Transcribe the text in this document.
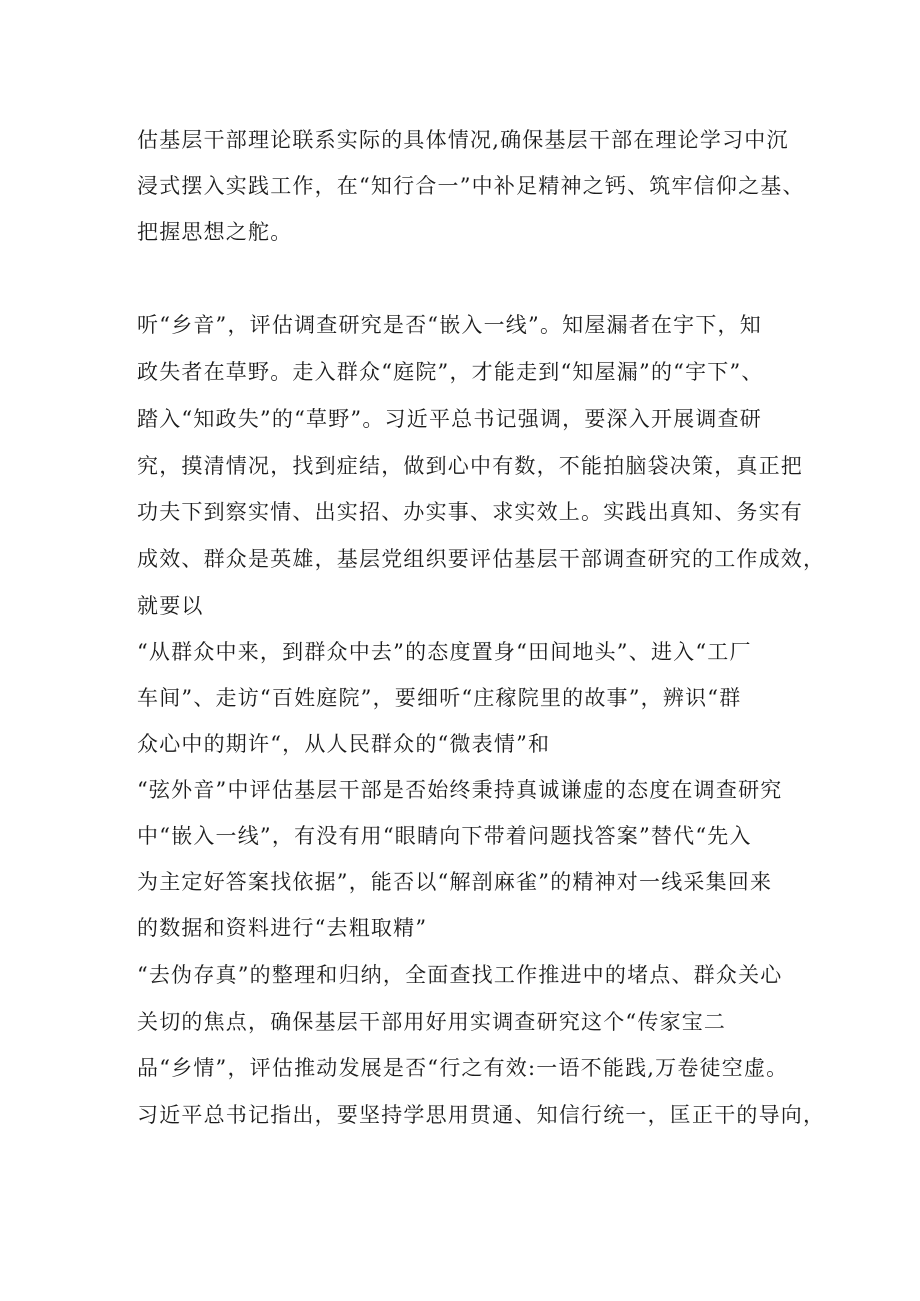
估基层干部理论联系实际的具体情况,确保基层干部在理论学习中沉
浸式摆入实践工作，在“知行合一”中补足精神之钙、筑牢信仰之基、
把握思想之舵。
听“乡音”，评估调查研究是否“嵌入一线”。知屋漏者在宇下，知
政失者在草野。走入群众“庭院”，才能走到“知屋漏”的“宇下”、
踏入“知政失”的“草野”。习近平总书记强调，要深入开展调查研
究，摸清情况，找到症结，做到心中有数，不能拍脑袋决策，真正把
功夫下到察实情、出实招、办实事、求实效上。实践出真知、务实有
成效、群众是英雄，基层党组织要评估基层干部调查研究的工作成效，
就要以
“从群众中来，到群众中去”的态度置身“田间地头”、进入“工厂
车间”、走访“百姓庭院”，要细听“庄稼院里的故事”，辨识“群
众心中的期许“，从人民群众的“微表情”和
“弦外音”中评估基层干部是否始终秉持真诚谦虚的态度在调查研究
中“嵌入一线”，有没有用“眼睛向下带着问题找答案”替代“先入
为主定好答案找依据”，能否以“解剖麻雀”的精神对一线采集回来
的数据和资料进行“去粗取精”
“去伪存真”的整理和归纳，全面查找工作推进中的堵点、群众关心
关切的焦点，确保基层干部用好用实调查研究这个“传家宝二
品“乡情”，评估推动发展是否“行之有效:一语不能践,万卷徒空虚。
习近平总书记指出，要坚持学思用贯通、知信行统一，匡正干的导向，
